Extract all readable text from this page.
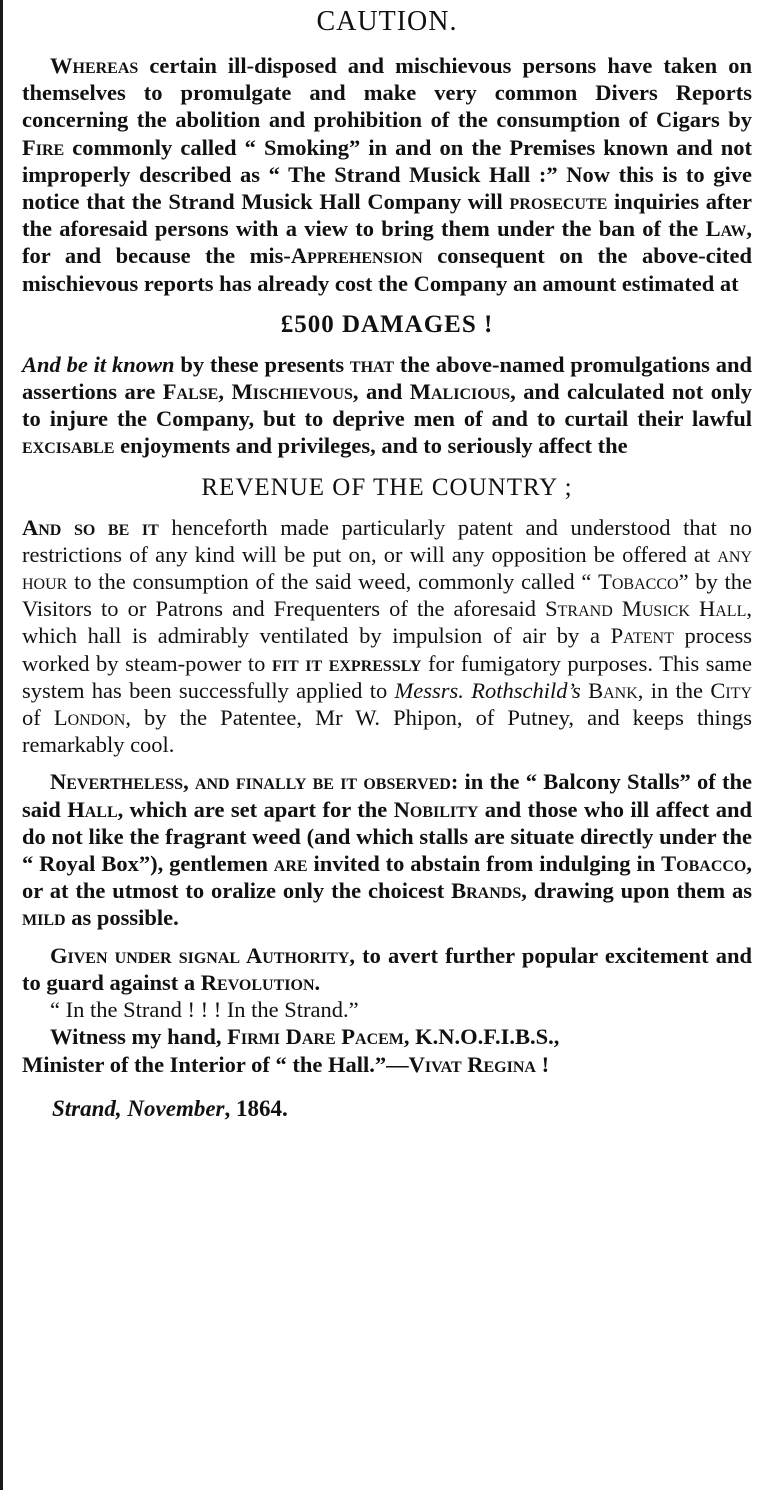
CAUTION.

Whereas certain ill-disposed and mischievous persons have taken on themselves to promulgate and make very common Divers Reports concerning the abolition and prohibition of the consumption of Cigars by Fire commonly called “ Smoking” in and on the Premises known and not improperly described as “ The Strand Musick Hall :” Now this is to give notice that the Strand Musick Hall Company will prosecute inquiries after the aforesaid persons with a view to bring them under the ban of the Law, for and because the mis-Apprehension consequent on the above-cited mischievous reports has already cost the Company an amount estimated at

£500 DAMAGES !

And be it known by these presents that the above-named promulgations and assertions are False, Mischievous, and Malicious, and calculated not only to injure the Company, but to deprive men of and to curtail their lawful excisable enjoyments and privileges, and to seriously affect the

REVENUE OF THE COUNTRY ;

And so be it henceforth made particularly patent and understood that no restrictions of any kind will be put on, or will any opposition be offered at any hour to the consumption of the said weed, commonly called “ Tobacco” by the Visitors to or Patrons and Frequenters of the aforesaid Strand Musick Hall, which hall is admirably ventilated by impulsion of air by a Patent process worked by steam-power to fit it expressly for fumigatory purposes. This same system has been successfully applied to Messrs. Rothschild’s Bank, in the City of London, by the Patentee, Mr W. Phipon, of Putney, and keeps things remarkably cool.

Nevertheless, and finally be it observed: in the “ Balcony Stalls” of the said Hall, which are set apart for the Nobility and those who ill affect and do not like the fragrant weed (and which stalls are situate directly under the “ Royal Box”), gentlemen are invited to abstain from indulging in Tobacco, or at the utmost to oralize only the choicest Brands, drawing upon them as mild as possible.

Given under signal Authority, to avert further popular excitement and to guard against a Revolution.

“ In the Strand ! ! ! In the Strand.”
Witness my hand, Firmi Dare Pacem, K.N.O.F.I.B.S.,
Minister of the Interior of “ the Hall.”—Vivat Regina !
Strand, November, 1864.
